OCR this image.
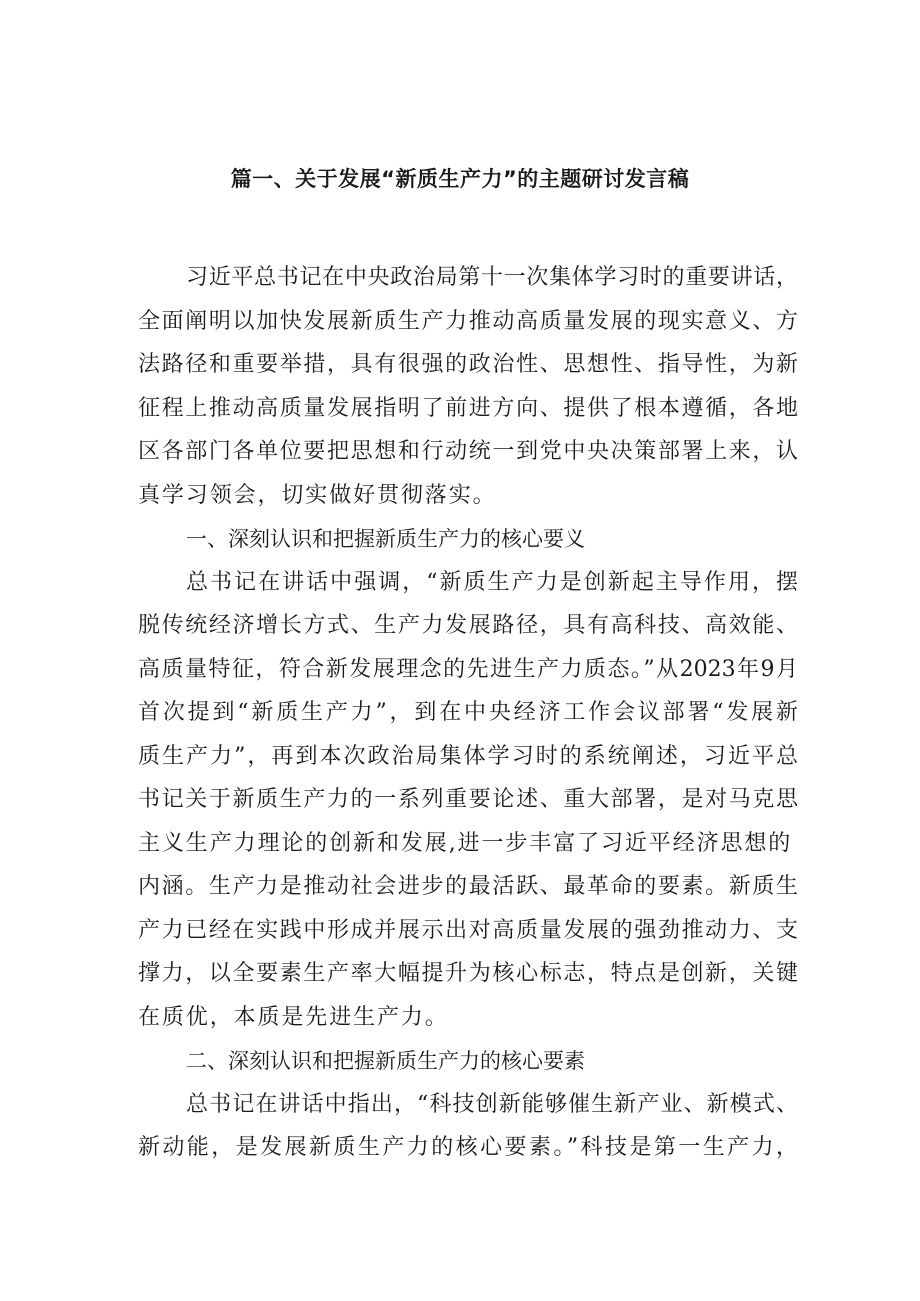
篇一、关于发展“新质生产力”的主题研讨发言稿
习近平总书记在中央政治局第十一次集体学习时的重要讲话，
全面阐明以加快发展新质生产力推动高质量发展的现实意义、方
法路径和重要举措，具有很强的政治性、思想性、指导性，为新
征程上推动高质量发展指明了前进方向、提供了根本遵循，各地
区各部门各单位要把思想和行动统一到党中央决策部署上来，认
真学习领会，切实做好贯彻落实。
一、深刻认识和把握新质生产力的核心要义
总书记在讲话中强调，“新质生产力是创新起主导作用，摆
脱传统经济增长方式、生产力发展路径，具有高科技、高效能、
高质量特征，符合新发展理念的先进生产力质态。”从2023年9月
首次提到“新质生产力”，到在中央经济工作会议部署“发展新
质生产力”，再到本次政治局集体学习时的系统阐述，习近平总
书记关于新质生产力的一系列重要论述、重大部署，是对马克思
主义生产力理论的创新和发展,进一步丰富了习近平经济思想的
内涵。生产力是推动社会进步的最活跃、最革命的要素。新质生
产力已经在实践中形成并展示出对高质量发展的强劲推动力、支
撑力，以全要素生产率大幅提升为核心标志，特点是创新，关键
在质优，本质是先进生产力。
二、深刻认识和把握新质生产力的核心要素
总书记在讲话中指出，“科技创新能够催生新产业、新模式、
新动能，是发展新质生产力的核心要素。”科技是第一生产力，
